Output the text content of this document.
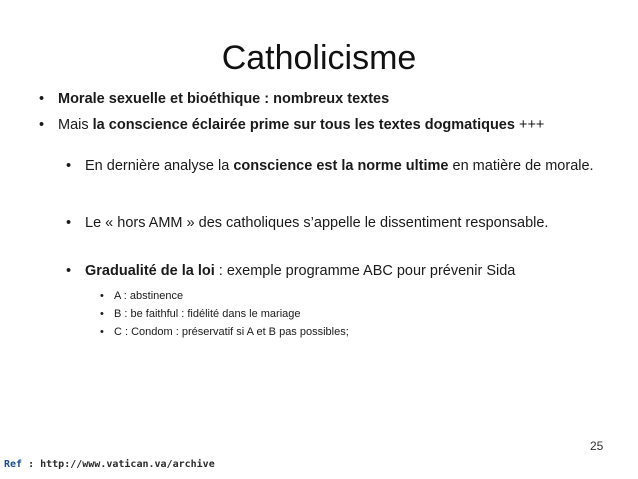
Catholicisme
• Morale sexuelle et bioéthique : nombreux textes
• Mais la conscience éclairée prime sur tous les textes dogmatiques +++
• En dernière analyse la conscience est la norme ultime en matière de morale.
• Le « hors AMM » des catholiques s’appelle le dissentiment responsable.
• Gradualité de la loi : exemple programme ABC pour prévenir Sida
• A : abstinence
• B : be faithful : fidélité dans le mariage
• C : Condom : préservatif si A et B pas possibles;
25
Ref : http://www.vatican.va/archive
